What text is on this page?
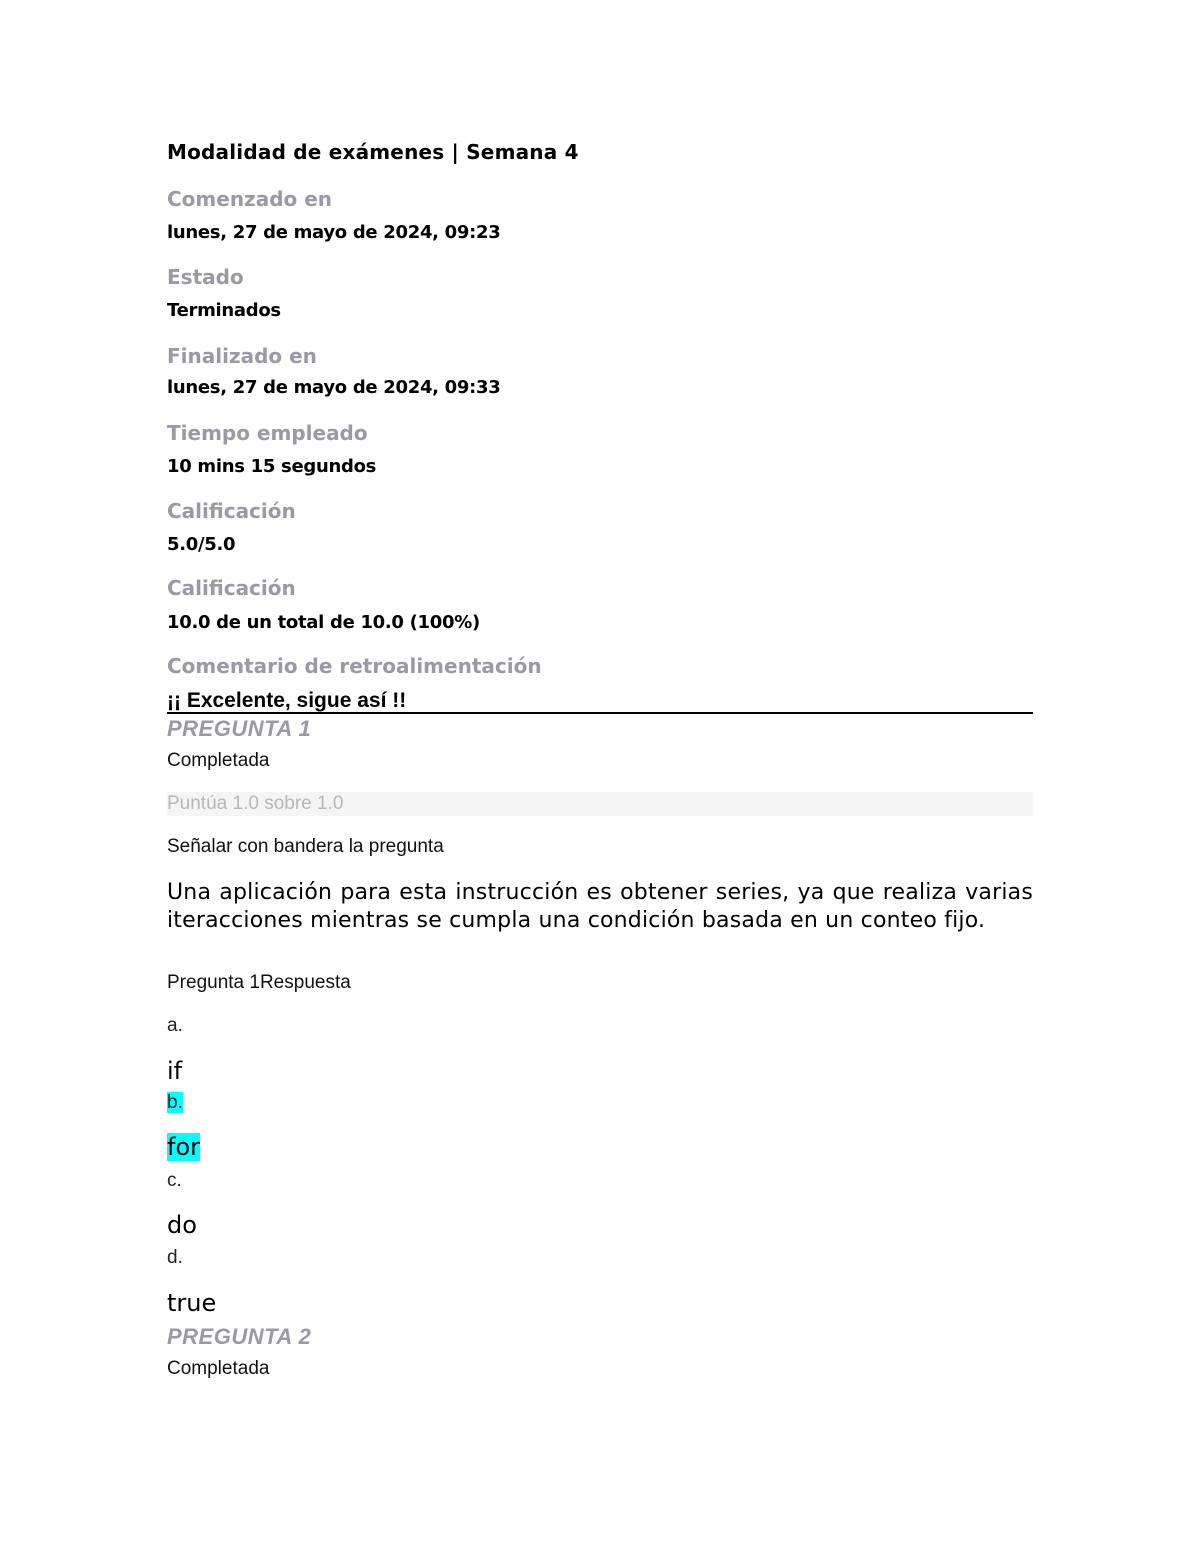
Modalidad de exámenes | Semana 4
Comenzado en
lunes, 27 de mayo de 2024, 09:23
Estado
Terminados
Finalizado en
lunes, 27 de mayo de 2024, 09:33
Tiempo empleado
10 mins 15 segundos
Calificación
5.0/5.0
Calificación
10.0 de un total de 10.0 (100%)
Comentario de retroalimentación
¡¡ Excelente, sigue así !!
PREGUNTA 1
Completada
Puntúa 1.0 sobre 1.0
Señalar con bandera la pregunta
Una aplicación para esta instrucción es obtener series, ya que realiza varias iteracciones mientras se cumpla una condición basada en un conteo fijo.
Pregunta 1Respuesta
a.
if
b.
for
c.
do
d.
true
PREGUNTA 2
Completada
